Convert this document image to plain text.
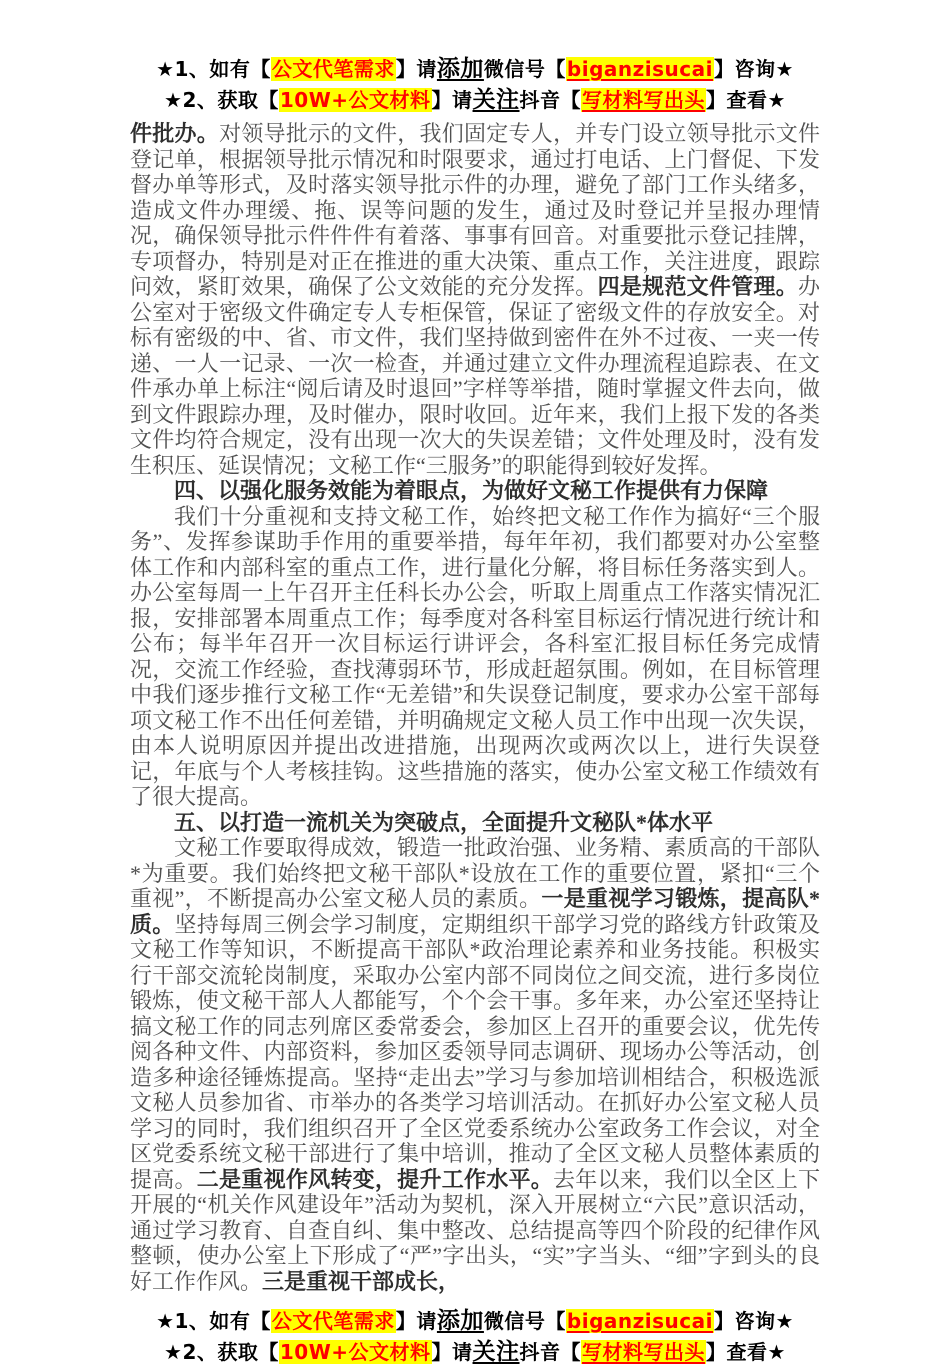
★1、如有【公文代笔需求】请添加微信号【biganzisucai】咨询★
★2、获取【10W+公文材料】请关注抖音【写材料写出头】查看★

件批办。对领导批示的文件，我们固定专人，并专门设立领导批示文件登记单，根据领导批示情况和时限要求，通过打电话、上门督促、下发督办单等形式，及时落实领导批示件的办理，避免了部门工作头绪多，造成文件办理缓、拖、误等问题的发生，通过及时登记并呈报办理情况，确保领导批示件件件有着落、事事有回音。对重要批示登记挂牌，专项督办，特别是对正在推进的重大决策、重点工作，关注进度，跟踪问效，紧盯效果，确保了公文效能的充分发挥。四是规范文件管理。办公室对于密级文件确定专人专柜保管，保证了密级文件的存放安全。对标有密级的中、省、市文件，我们坚持做到密件在外不过夜、一夹一传递、一人一记录、一次一检查，并通过建立文件办理流程追踪表、在文件承办单上标注“阅后请及时退回”字样等举措，随时掌握文件去向，做到文件跟踪办理，及时催办，限时收回。近年来，我们上报下发的各类文件均符合规定，没有出现一次大的失误差错；文件处理及时，没有发生积压、延误情况；文秘工作“三服务”的职能得到较好发挥。

四、以强化服务效能为着眼点，为做好文秘工作提供有力保障

我们十分重视和支持文秘工作，始终把文秘工作作为搞好“三个服务”、发挥参谋助手作用的重要举措，每年年初，我们都要对办公室整体工作和内部科室的重点工作，进行量化分解，将目标任务落实到人。办公室每周一上午召开主任科长办公会，听取上周重点工作落实情况汇报，安排部署本周重点工作；每季度对各科室目标运行情况进行统计和公布；每半年召开一次目标运行讲评会，各科室汇报目标任务完成情况，交流工作经验，查找薄弱环节，形成赶超氛围。例如，在目标管理中我们逐步推行文秘工作“无差错”和失误登记制度，要求办公室干部每项文秘工作不出任何差错，并明确规定文秘人员工作中出现一次失误，由本人说明原因并提出改进措施，出现两次或两次以上，进行失误登记，年底与个人考核挂钩。这些措施的落实，使办公室文秘工作绩效有了很大提高。

五、以打造一流机关为突破点，全面提升文秘队*体水平

文秘工作要取得成效，锻造一批政治强、业务精、素质高的干部队*为重要。我们始终把文秘干部队*设放在工作的重要位置，紧扣“三个重视”，不断提高办公室文秘人员的素质。一是重视学习锻炼，提高队*质。坚持每周三例会学习制度，定期组织干部学习党的路线方针政策及文秘工作等知识，不断提高干部队*政治理论素养和业务技能。积极实行干部交流轮岗制度，采取办公室内部不同岗位之间交流，进行多岗位锻炼，使文秘干部人人都能写，个个会干事。多年来，办公室还坚持让搞文秘工作的同志列席区委常委会，参加区上召开的重要会议，优先传阅各种文件、内部资料，参加区委领导同志调研、现场办公等活动，创造多种途径锤炼提高。坚持“走出去”学习与参加培训相结合，积极选派文秘人员参加省、市举办的各类学习培训活动。在抓好办公室文秘人员学习的同时，我们组织召开了全区党委系统办公室政务工作会议，对全区党委系统文秘干部进行了集中培训，推动了全区文秘人员整体素质的提高。二是重视作风转变，提升工作水平。去年以来，我们以全区上下开展的“机关作风建设年”活动为契机，深入开展树立“六民”意识活动，通过学习教育、自查自纠、集中整改、总结提高等四个阶段的纪律作风整顿，使办公室上下形成了“严”字出头，“实”字当头、“细”字到头的良好工作作风。三是重视干部成长，

★1、如有【公文代笔需求】请添加微信号【biganzisucai】咨询★
★2、获取【10W+公文材料】请关注抖音【写材料写出头】查看★
